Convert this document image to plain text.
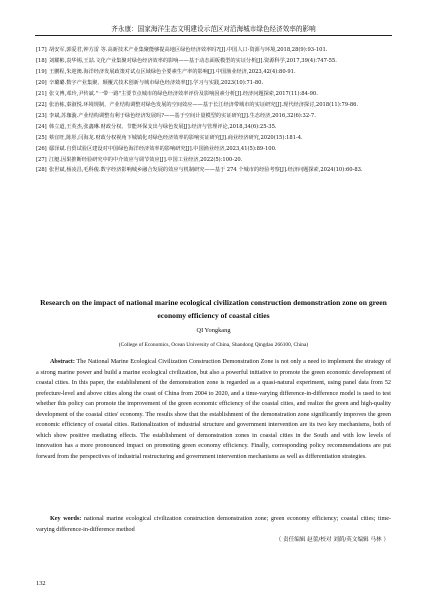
齐永康：国家海洋生态文明建设示范区对沿海城市绿色经济效率的影响
[17] 胡安军,郭爱君,钟方雷 等.高新技术产业集聚能够提高地区绿色经济效率吗?[J].中国人口·资源与环境,2018,28(9):93-101.
[18] 刘耀彬,袁华锡,王喆.文化产业集聚对绿色经济效率的影响——基于动态面板模型的实证分析[J].资源科学,2017,39(4):747-55.
[19] 王鹏程,朱迎澳.海洋经济发展政策对试点区域绿色全要素生产率的影响[J].中国渔业经济,2023,42(4):80-91.
[20] 辛璐璐.数字产业集聚、颠覆式技术创新与城市绿色经济效率[J].学习与实践,2023(10):71-80.
[21] 张文博,邓玲,尹传斌."一带一路"主要节点城市的绿色经济效率评价及影响因素分析[J].经济问题探索,2017(11):84-90.
[22] 张治栋,秦淑悦.环境规制、产业结构调整对绿色发展的空间效应——基于长江经济带城市的实证研究[J].现代经济探讨,2018(11):79-86.
[23] 李斌,苏珈漩.产业结构调整有利于绿色经济发展吗?——基于空间计量模型的实证研究[J].生态经济,2016,32(6):32-7.
[24] 韩立道,王英杰,张鑫琳.财政分权、节能环保支出与绿色发展[J].经济与管理评论,2018,34(6):25-35.
[25] 蔡宜旺,陈彤,闫海龙.财政分权视角下城镇化对绿色经济效率的影响实证研究[J].商业经济研究,2020(15):181-4.
[26] 鄢泽斌.自贸试验区建设对中国绿色海洋经济效率的影响研究[J].中国渔业经济,2023,41(5):89-100.
[27] 江艇.因果推断经验研究中的中介效应与调节效应[J].中国工业经济,2022(5):100-20.
[28] 张世斌,杨凌昌,毛科俊.数字经济影响城乡融合发展的效应与机制研究——基于 274 个城市的经验考察[J].经济问题探索,2024(10):60-83.
Research on the impact of national marine ecological civilization construction demonstration zone on green economy efficiency of coastal cities
QI Yongkang
(College of Economics, Ocean University of China, Shandong Qingdao 266100, China)
Abstract: The National Marine Ecological Civilization Construction Demonstration Zone is not only a need to implement the strategy of a strong marine power and build a marine ecological civilization, but also a powerful initiative to promote the green economic development of coastal cities. In this paper, the establishment of the demonstration zone is regarded as a quasi-natural experiment, using panel data from 52 prefecture-level and above cities along the coast of China from 2004 to 2020, and a time-varying difference-in-difference model is used to test whether this policy can promote the improvement of the green economic efficiency of the coastal cities, and realize the green and high-quality development of the coastal cities' economy. The results show that the establishment of the demonstration zone significantly improves the green economic efficiency of coastal cities. Rationalization of industrial structure and government intervention are its two key mechanisms, both of which show positive mediating effects. The establishment of demonstration zones in coastal cities in the South and with low levels of innovation has a more pronounced impact on promoting green economy efficiency. Finally, corresponding policy recommendations are put forward from the perspectives of industrial restructuring and government intervention mechanisms as well as differentiation strategies.
Key words: national marine ecological civilization construction demonstration zone; green economy efficiency; coastal cities; time-varying difference-in-difference method
（ 责任编辑 赵蕾/校对 刘荫/英文编辑 马林 ）
132
